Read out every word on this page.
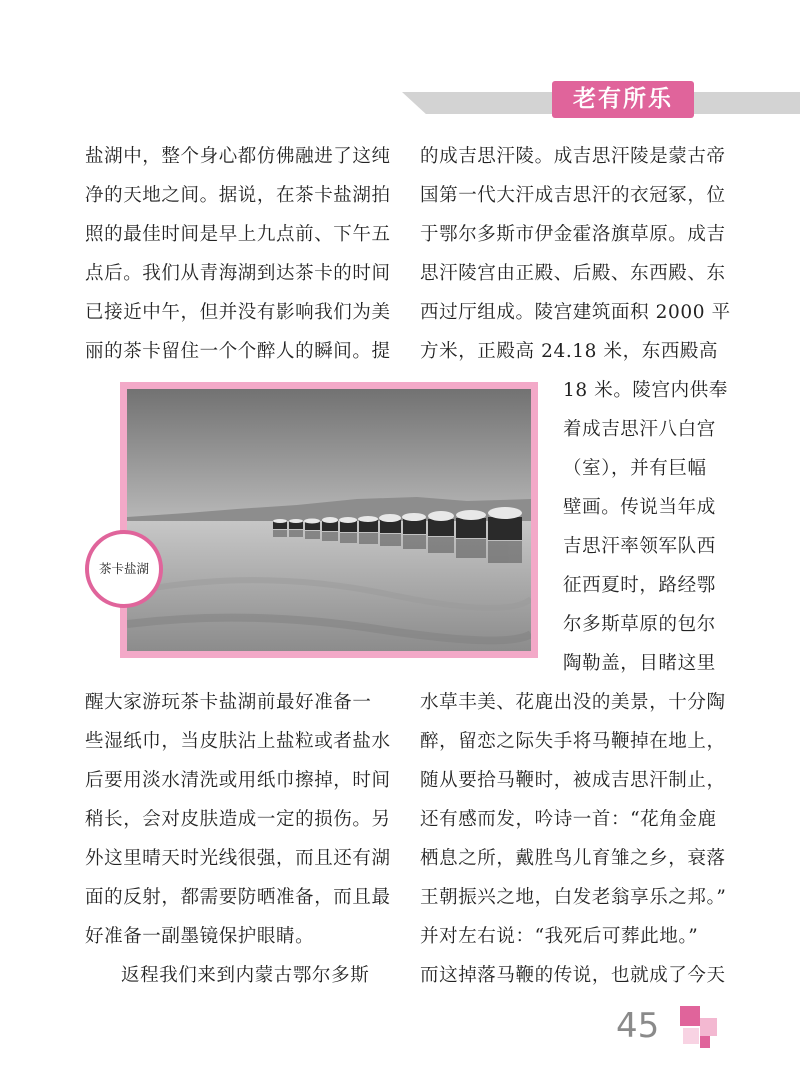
老有所乐
盐湖中，整个身心都仿佛融进了这纯
净的天地之间。据说，在茶卡盐湖拍
照的最佳时间是早上九点前、下午五
点后。我们从青海湖到达茶卡的时间
已接近中午，但并没有影响我们为美
丽的茶卡留住一个个醉人的瞬间。提
的成吉思汗陵。成吉思汗陵是蒙古帝
国第一代大汗成吉思汗的衣冠冢，位
于鄂尔多斯市伊金霍洛旗草原。成吉
思汗陵宫由正殿、后殿、东西殿、东
西过厅组成。陵宫建筑面积 2000 平
方米，正殿高 24.18 米，东西殿高
18 米。陵宫内供奉
着成吉思汗八白宫
（室），并有巨幅
壁画。传说当年成
吉思汗率领军队西
征西夏时，路经鄂
尔多斯草原的包尔
陶勒盖，目睹这里
茶卡盐湖
醒大家游玩茶卡盐湖前最好准备一
些湿纸巾，当皮肤沾上盐粒或者盐水
后要用淡水清洗或用纸巾擦掉，时间
稍长，会对皮肤造成一定的损伤。另
外这里晴天时光线很强，而且还有湖
面的反射，都需要防晒准备，而且最
好准备一副墨镜保护眼睛。
返程我们来到内蒙古鄂尔多斯
水草丰美、花鹿出没的美景，十分陶
醉，留恋之际失手将马鞭掉在地上，
随从要拾马鞭时，被成吉思汗制止，
还有感而发，吟诗一首：“花角金鹿
栖息之所，戴胜鸟儿育雏之乡，衰落
王朝振兴之地，白发老翁享乐之邦。”
并对左右说：“我死后可葬此地。”
而这掉落马鞭的传说，也就成了今天
45
